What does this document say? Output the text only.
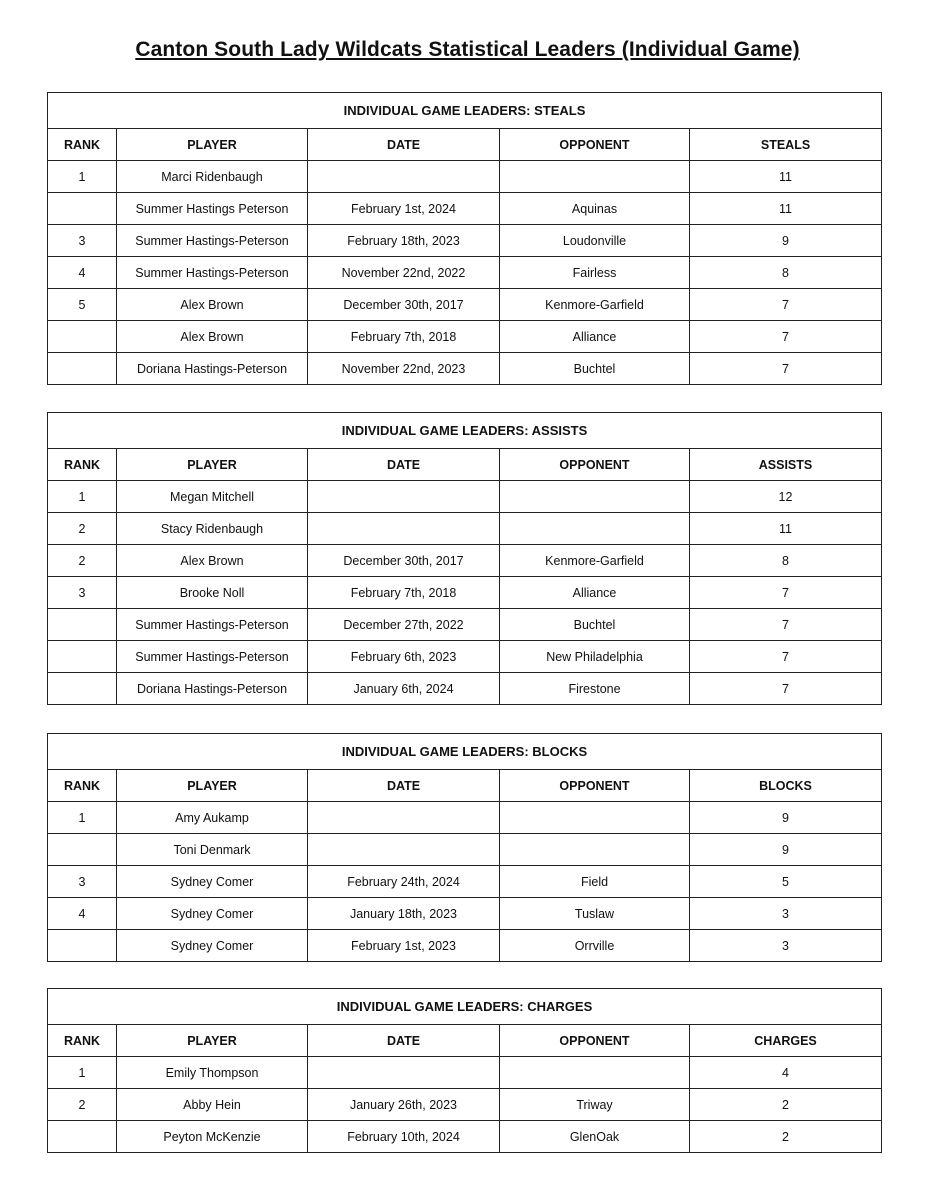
Canton South Lady Wildcats Statistical Leaders (Individual Game)
INDIVIDUAL GAME LEADERS: STEALS				
RANK	PLAYER	DATE	OPPONENT	STEALS
1	Marci Ridenbaugh			11
	Summer Hastings Peterson	February 1st, 2024	Aquinas	11
3	Summer Hastings-Peterson	February 18th, 2023	Loudonville	9
4	Summer Hastings-Peterson	November 22nd, 2022	Fairless	8
5	Alex Brown	December 30th, 2017	Kenmore-Garfield	7
	Alex Brown	February 7th, 2018	Alliance	7
	Doriana Hastings-Peterson	November 22nd, 2023	Buchtel	7
INDIVIDUAL GAME LEADERS: ASSISTS				
RANK	PLAYER	DATE	OPPONENT	ASSISTS
1	Megan Mitchell			12
2	Stacy Ridenbaugh			11
2	Alex Brown	December 30th, 2017	Kenmore-Garfield	8
3	Brooke Noll	February 7th, 2018	Alliance	7
	Summer Hastings-Peterson	December 27th, 2022	Buchtel	7
	Summer Hastings-Peterson	February 6th, 2023	New Philadelphia	7
	Doriana Hastings-Peterson	January 6th, 2024	Firestone	7
INDIVIDUAL GAME LEADERS: BLOCKS				
RANK	PLAYER	DATE	OPPONENT	BLOCKS
1	Amy Aukamp			9
	Toni Denmark			9
3	Sydney Comer	February 24th, 2024	Field	5
4	Sydney Comer	January 18th, 2023	Tuslaw	3
	Sydney Comer	February 1st, 2023	Orrville	3
INDIVIDUAL GAME LEADERS: CHARGES				
RANK	PLAYER	DATE	OPPONENT	CHARGES
1	Emily Thompson			4
2	Abby Hein	January 26th, 2023	Triway	2
	Peyton McKenzie	February 10th, 2024	GlenOak	2
